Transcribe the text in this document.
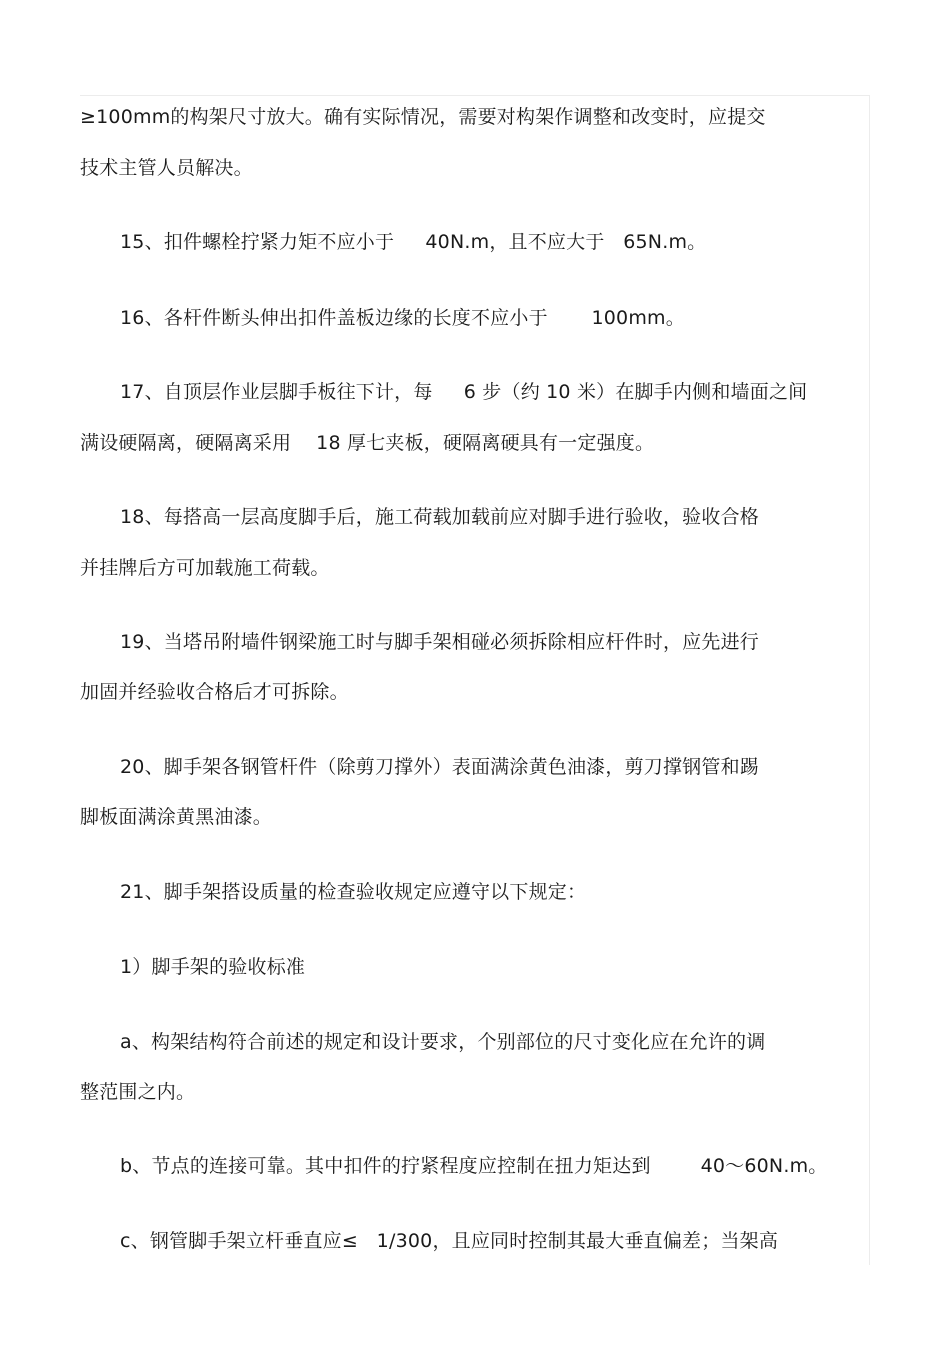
≥100mm的构架尺寸放大。确有实际情况，需要对构架作调整和改变时，应提交
技术主管人员解决。
15、扣件螺栓拧紧力矩不应小于     40N.m，且不应大于   65N.m。
16、各杆件断头伸出扣件盖板边缘的长度不应小于       100mm。
17、自顶层作业层脚手板往下计，每     6 步（约 10 米）在脚手内侧和墙面之间
满设硬隔离，硬隔离采用    18 厚七夹板，硬隔离硬具有一定强度。
18、每搭高一层高度脚手后，施工荷载加载前应对脚手进行验收，验收合格
并挂牌后方可加载施工荷载。
19、当塔吊附墙件钢梁施工时与脚手架相碰必须拆除相应杆件时，应先进行
加固并经验收合格后才可拆除。
20、脚手架各钢管杆件（除剪刀撑外）表面满涂黄色油漆，剪刀撑钢管和踢
脚板面满涂黄黑油漆。
21、脚手架搭设质量的检查验收规定应遵守以下规定：
1）脚手架的验收标准
a、构架结构符合前述的规定和设计要求，个别部位的尺寸变化应在允许的调
整范围之内。
b、节点的连接可靠。其中扣件的拧紧程度应控制在扭力矩达到        40～60N.m。
c、钢管脚手架立杆垂直应≤   1/300，且应同时控制其最大垂直偏差；当架高
